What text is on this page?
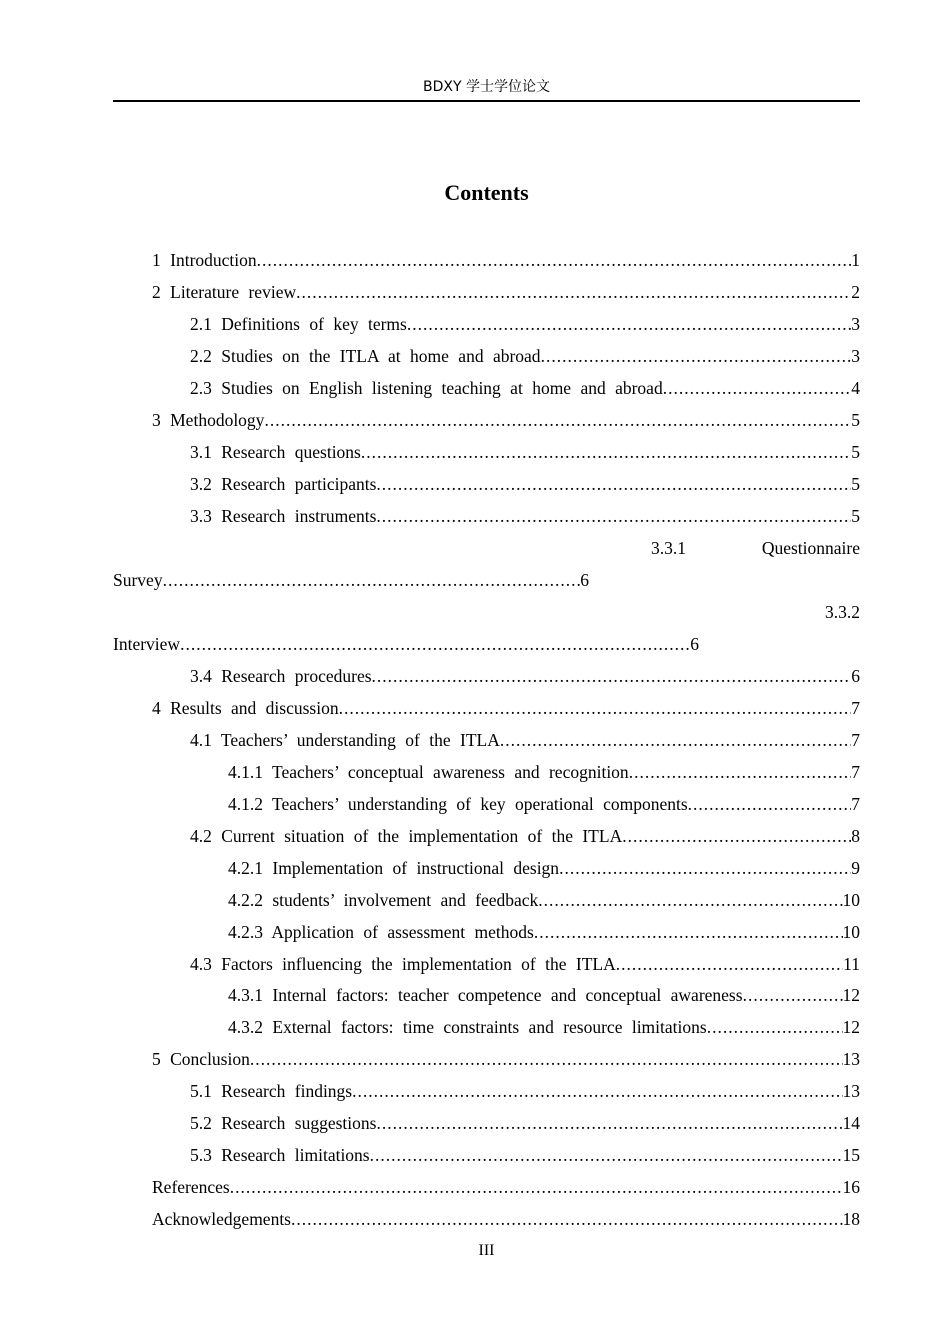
BDXY 学士学位论文
Contents
1 Introduction .....	1
2 Literature review .....	2
2.1 Definitions of key terms .....	3
2.2 Studies on the ITLA at home and abroad .....	3
2.3 Studies on English listening teaching at home and abroad .....	4
3 Methodology .....	5
3.1 Research questions .....	5
3.2 Research participants .....	5
3.3 Research instruments .....	5
3.3.1	Questionnaire
Survey .....	6
3.3.2
Interview .....	6
3.4 Research procedures .....	6
4 Results and discussion .....	7
4.1 Teachers’ understanding of the ITLA .....	7
4.1.1 Teachers’ conceptual awareness and recognition .....	7
4.1.2 Teachers’ understanding of key operational components .....	7
4.2 Current situation of the implementation of the ITLA .....	8
4.2.1 Implementation of instructional design .....	9
4.2.2 students’ involvement and feedback .....	10
4.2.3 Application of assessment methods .....	10
4.3 Factors influencing the implementation of the ITLA .....	11
4.3.1 Internal factors: teacher competence and conceptual awareness .....	12
4.3.2 External factors: time constraints and resource limitations .....	12
5 Conclusion .....	13
5.1 Research findings .....	13
5.2 Research suggestions .....	14
5.3 Research limitations .....	15
References .....	16
Acknowledgements .....	18
III
